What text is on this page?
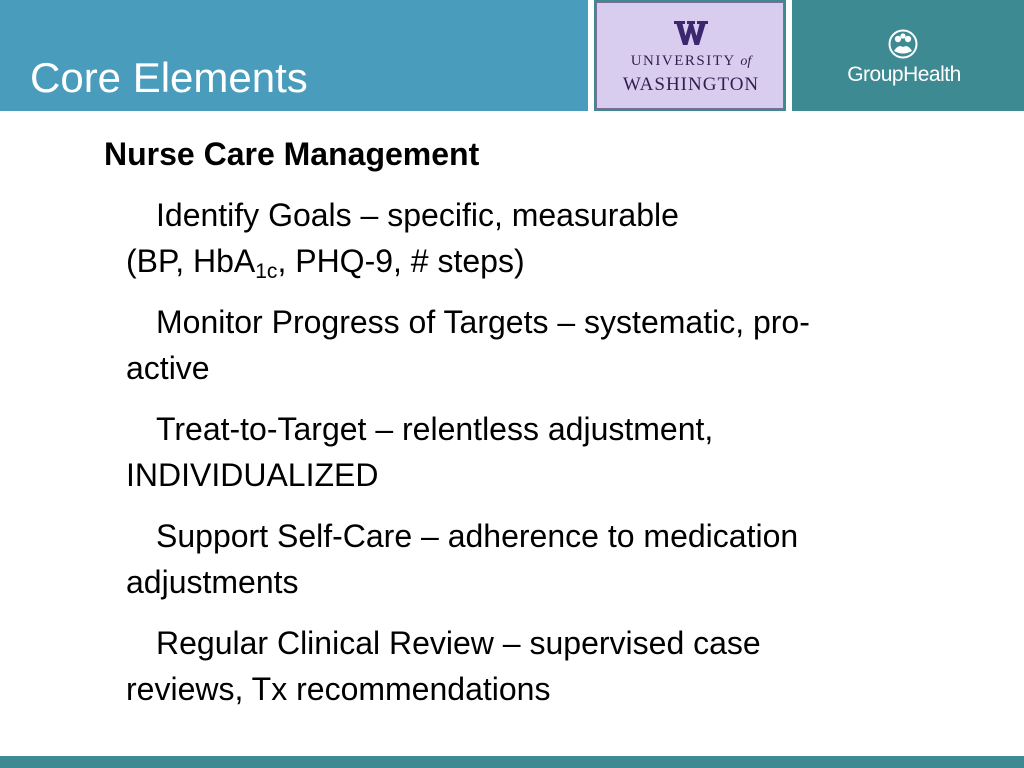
Core Elements	UNIVERSITY of
WASHINGTON	GroupHealth
Nurse Care Management
Identify Goals – specific, measurable
(BP, HbA$_{1c}$, PHQ-9, # steps)
Monitor Progress of Targets – systematic, pro-
active
Treat-to-Target – relentless adjustment,
INDIVIDUALIZED
Support Self-Care – adherence to medication
adjustments
Regular Clinical Review – supervised case
reviews, Tx recommendations
